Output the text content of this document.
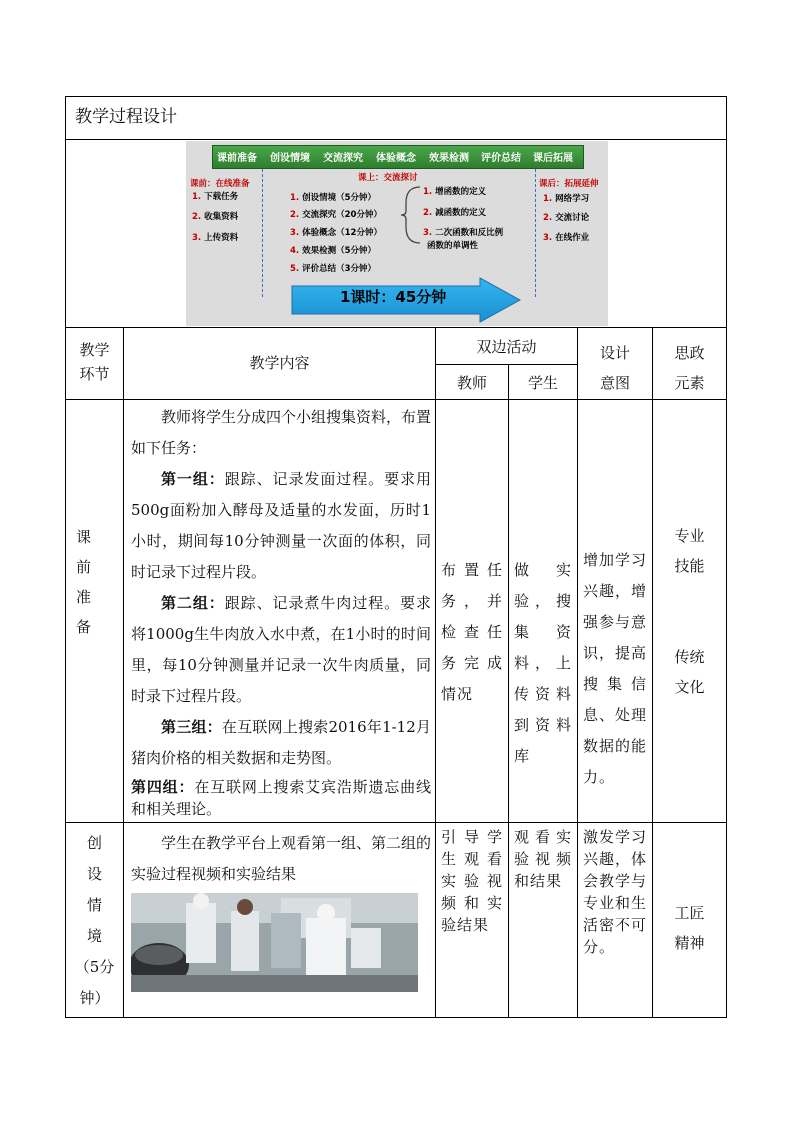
教学过程设计
课前准备 创设情境 交流探究 体验概念 效果检测 评价总结 课后拓展
课前：在线准备
1. 下载任务
2. 收集资料
3. 上传资料
课上：交流探讨
1. 创设情境（5分钟）
2. 交流探究（20分钟）
3. 体验概念（12分钟）
4. 效果检测（5分钟）
5. 评价总结（3分钟）
1. 增函数的定义
2. 减函数的定义
3. 二次函数和反比例
函数的单调性
课后：拓展延伸
1. 网络学习
2. 交流讨论
3. 在线作业
1课时：45分钟
教学
环节
教学内容
双边活动
教师	学生
设计
意图
思政
元素
课
前
准
备
教师将学生分成四个小组搜集资料，布置如下任务：
第一组：跟踪、记录发面过程。要求用500g面粉加入酵母及适量的水发面，历时1小时，期间每10分钟测量一次面的体积，同时记录下过程片段。
第二组：跟踪、记录煮牛肉过程。要求将1000g生牛肉放入水中煮，在1小时的时间里，每10分钟测量并记录一次牛肉质量，同时录下过程片段。
第三组：在互联网上搜索2016年1-12月猪肉价格的相关数据和走势图。
第四组：在互联网上搜索艾宾浩斯遗忘曲线和相关理论。
布置任务，并检查任务完成情况
做实验，搜集资料，上传资料到资料库
增加学习兴趣，增强参与意识，提高搜集信息、处理数据的能力。
专业
技能
传统
文化
创
设
情
境
（5分
钟）
学生在教学平台上观看第一组、第二组的实验过程视频和实验结果
引导学生观看实验视频和实验结果
观看实验视频和结果
激发学习兴趣，体会教学与专业和生活密不可分。
工匠
精神
